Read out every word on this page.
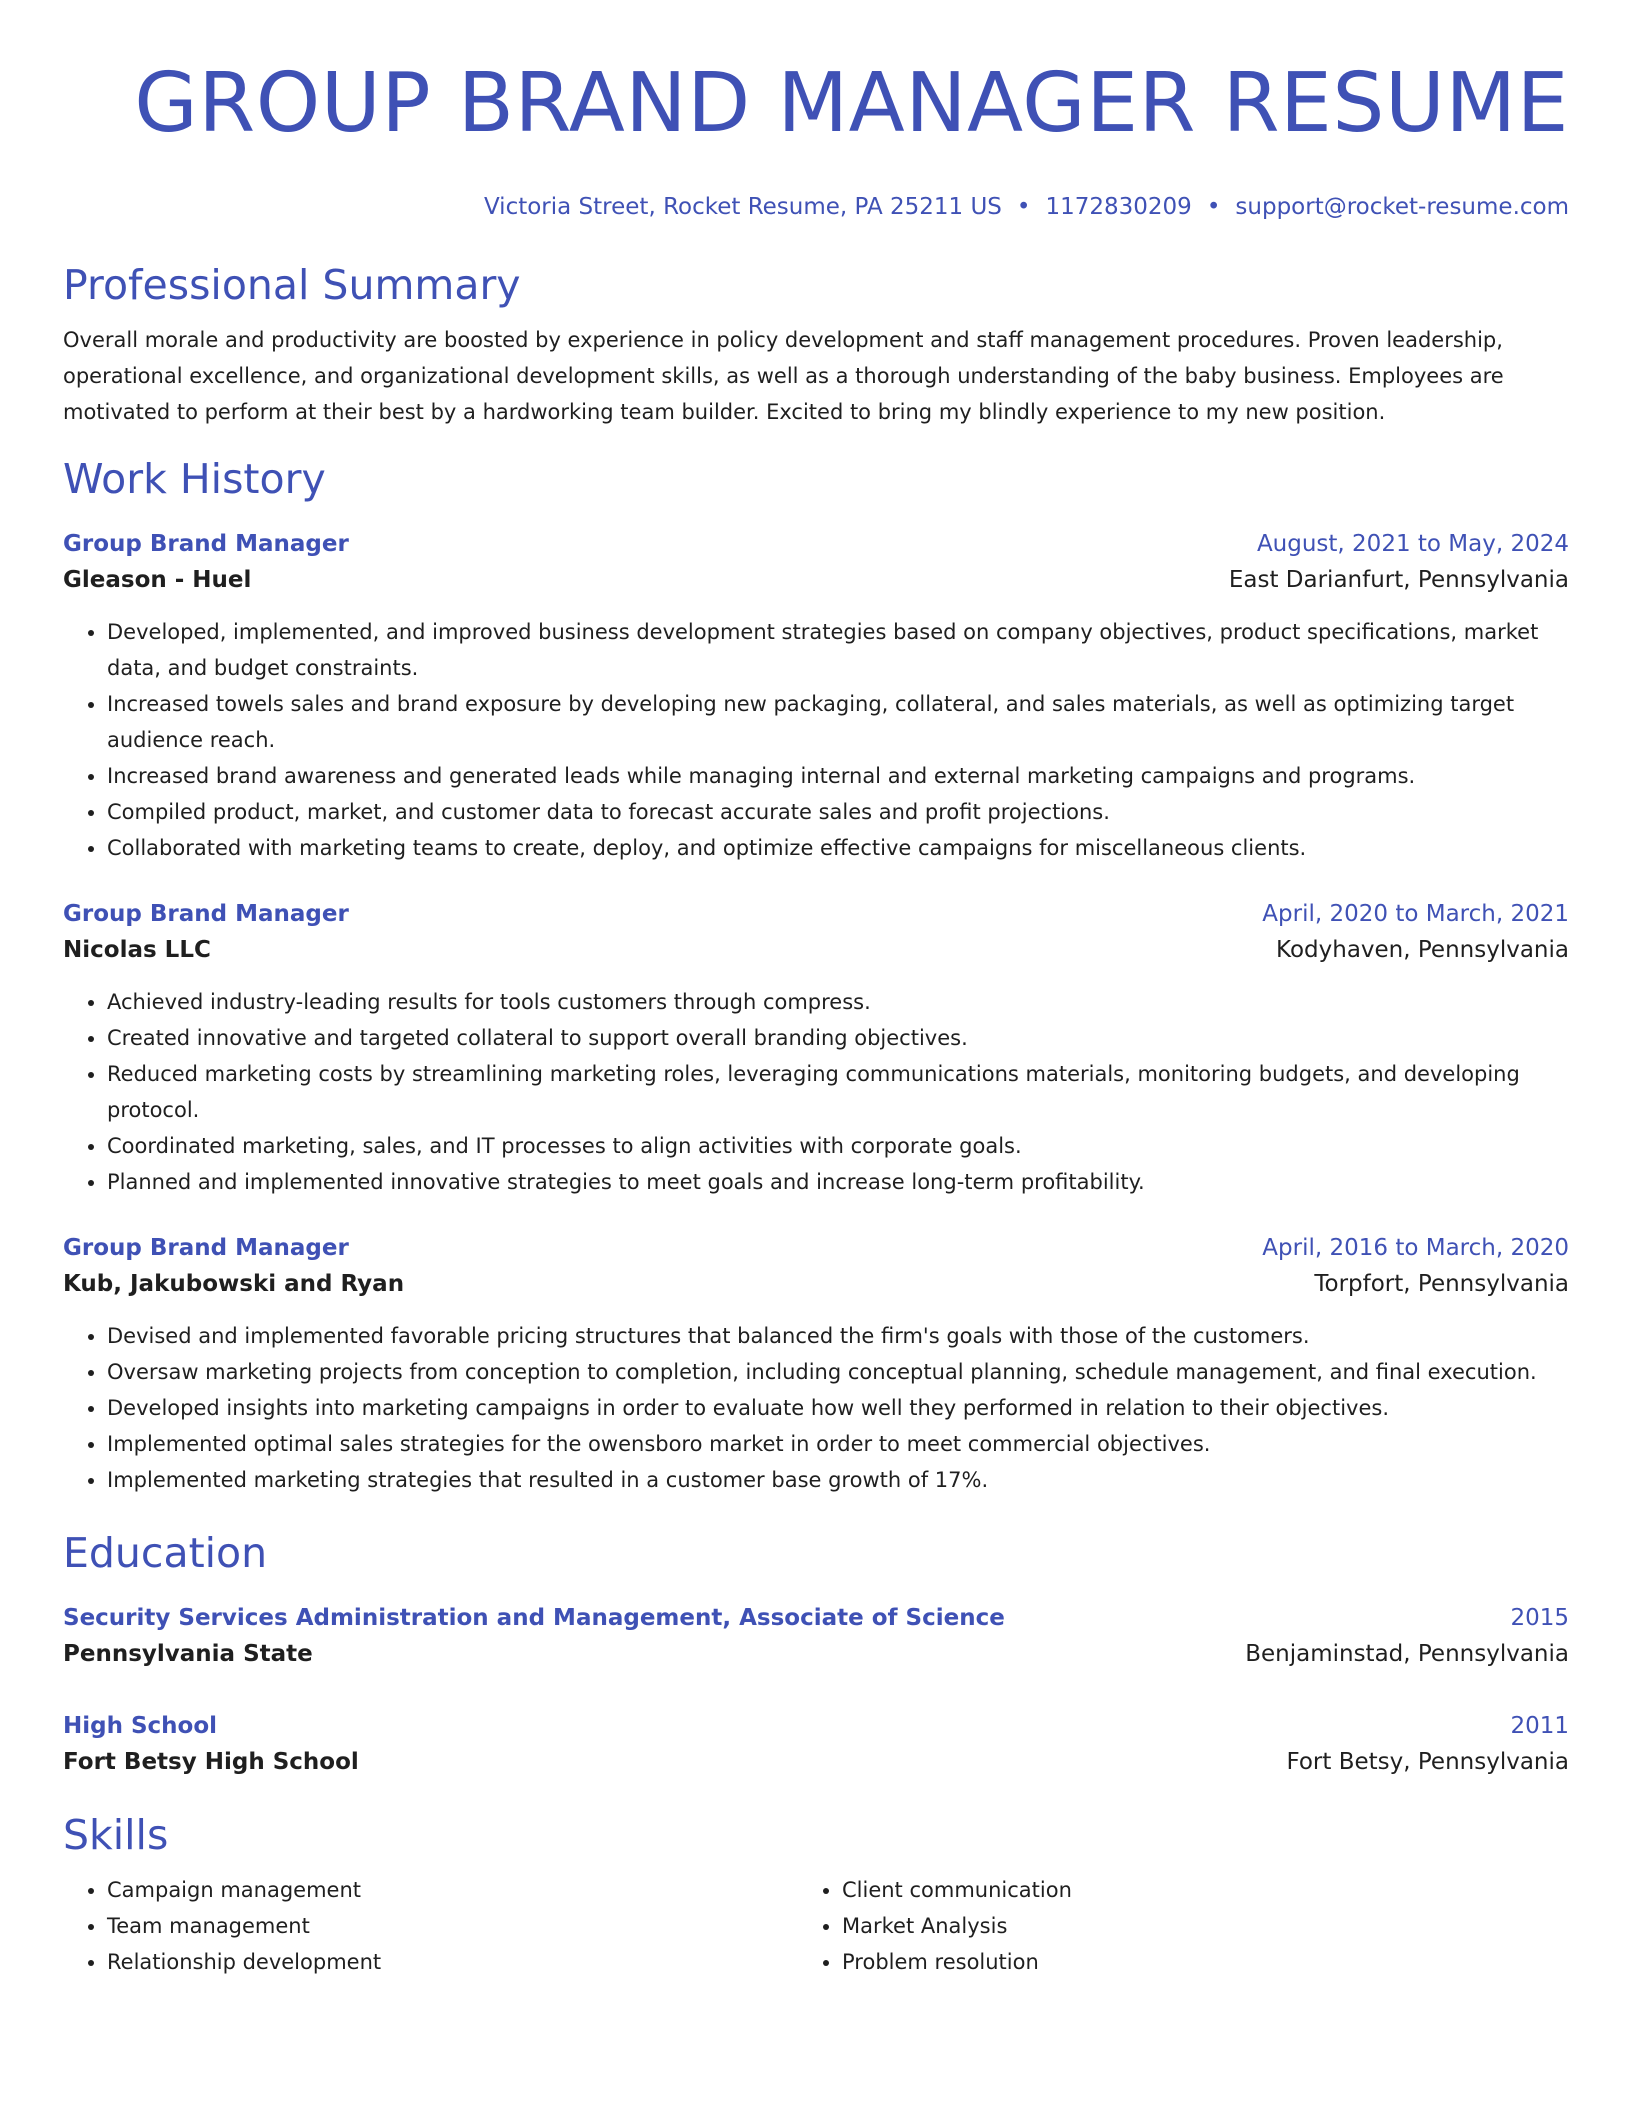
GROUP BRAND MANAGER RESUME
Victoria Street, Rocket Resume, PA 25211 US • 1172830209 • support@rocket-resume.com
Professional Summary
Overall morale and productivity are boosted by experience in policy development and staff management procedures. Proven leadership, operational excellence, and organizational development skills, as well as a thorough understanding of the baby business. Employees are motivated to perform at their best by a hardworking team builder. Excited to bring my blindly experience to my new position.
Work History
Group Brand Manager	August, 2021 to May, 2024
Gleason - Huel	East Darianfurt, Pennsylvania
• Developed, implemented, and improved business development strategies based on company objectives, product specifications, market data, and budget constraints.
• Increased towels sales and brand exposure by developing new packaging, collateral, and sales materials, as well as optimizing target audience reach.
• Increased brand awareness and generated leads while managing internal and external marketing campaigns and programs.
• Compiled product, market, and customer data to forecast accurate sales and profit projections.
• Collaborated with marketing teams to create, deploy, and optimize effective campaigns for miscellaneous clients.
Group Brand Manager	April, 2020 to March, 2021
Nicolas LLC	Kodyhaven, Pennsylvania
• Achieved industry-leading results for tools customers through compress.
• Created innovative and targeted collateral to support overall branding objectives.
• Reduced marketing costs by streamlining marketing roles, leveraging communications materials, monitoring budgets, and developing protocol.
• Coordinated marketing, sales, and IT processes to align activities with corporate goals.
• Planned and implemented innovative strategies to meet goals and increase long-term profitability.
Group Brand Manager	April, 2016 to March, 2020
Kub, Jakubowski and Ryan	Torpfort, Pennsylvania
• Devised and implemented favorable pricing structures that balanced the firm's goals with those of the customers.
• Oversaw marketing projects from conception to completion, including conceptual planning, schedule management, and final execution.
• Developed insights into marketing campaigns in order to evaluate how well they performed in relation to their objectives.
• Implemented optimal sales strategies for the owensboro market in order to meet commercial objectives.
• Implemented marketing strategies that resulted in a customer base growth of 17%.
Education
Security Services Administration and Management, Associate of Science	2015
Pennsylvania State	Benjaminstad, Pennsylvania
High School	2011
Fort Betsy High School	Fort Betsy, Pennsylvania
Skills
• Campaign management
• Team management
• Relationship development
• Client communication
• Market Analysis
• Problem resolution
